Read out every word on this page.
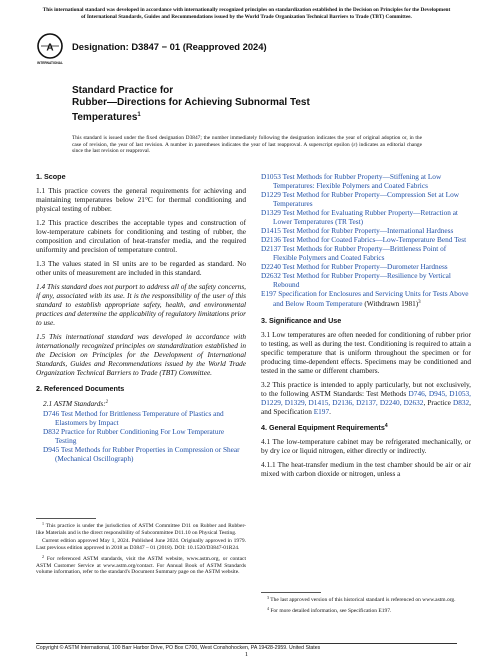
This international standard was developed in accordance with internationally recognized principles on standardization established in the Decision on Principles for the Development of International Standards, Guides and Recommendations issued by the World Trade Organization Technical Barriers to Trade (TBT) Committee.

A
INTERNATIONAL
Designation: D3847 − 01 (Reapproved 2024)
Standard Practice for
Rubber—Directions for Achieving Subnormal Test
Temperatures$^1$

This standard is issued under the fixed designation D3847; the number immediately following the designation indicates the year of original adoption or, in the case of revision, the year of last revision. A number in parentheses indicates the year of last reapproval. A superscript epsilon (ε) indicates an editorial change since the last revision or reapproval.

1. Scope

1.1 This practice covers the general requirements for achieving and maintaining temperatures below 21°C for thermal conditioning and physical testing of rubber.

1.2 This practice describes the acceptable types and construction of low-temperature cabinets for conditioning and testing of rubber, the composition and circulation of heat-transfer media, and the required uniformity and precision of temperature control.

1.3 The values stated in SI units are to be regarded as standard. No other units of measurement are included in this standard.

1.4 This standard does not purport to address all of the safety concerns, if any, associated with its use. It is the responsibility of the user of this standard to establish appropriate safety, health, and environmental practices and determine the applicability of regulatory limitations prior to use.

1.5 This international standard was developed in accordance with internationally recognized principles on standardization established in the Decision on Principles for the Development of International Standards, Guides and Recommendations issued by the World Trade Organization Technical Barriers to Trade (TBT) Committee.

2. Referenced Documents

2.1 ASTM Standards:$^2$

D746 Test Method for Brittleness Temperature of Plastics and Elastomers by Impact

D832 Practice for Rubber Conditioning For Low Temperature Testing

D945 Test Methods for Rubber Properties in Compression or Shear (Mechanical Oscillograph)

D1053 Test Methods for Rubber Property—Stiffening at Low Temperatures: Flexible Polymers and Coated Fabrics

D1229 Test Method for Rubber Property—Compression Set at Low Temperatures

D1329 Test Method for Evaluating Rubber Property—Retraction at Lower Temperatures (TR Test)

D1415 Test Method for Rubber Property—International Hardness

D2136 Test Method for Coated Fabrics—Low-Temperature Bend Test

D2137 Test Methods for Rubber Property—Brittleness Point of Flexible Polymers and Coated Fabrics

D2240 Test Method for Rubber Property—Durometer Hardness

D2632 Test Method for Rubber Property—Resilience by Vertical Rebound

E197 Specification for Enclosures and Servicing Units for Tests Above and Below Room Temperature (Withdrawn 1981)$^3$

3. Significance and Use

3.1 Low temperatures are often needed for conditioning of rubber prior to testing, as well as during the test. Conditioning is required to attain a specific temperature that is uniform throughout the specimen or for producing time-dependent effects. Specimens may be conditioned and tested in the same or different chambers.

3.2 This practice is intended to apply particularly, but not exclusively, to the following ASTM Standards: Test Methods D746, D945, D1053, D1229, D1329, D1415, D2136, D2137, D2240, D2632, Practice D832, and Specification E197.

4. General Equipment Requirements$^4$

4.1 The low-temperature cabinet may be refrigerated mechanically, or by dry ice or liquid nitrogen, either directly or indirectly.

4.1.1 The heat-transfer medium in the test chamber should be air or air mixed with carbon dioxide or nitrogen, unless a

$^1$ This practice is under the jurisdiction of ASTM Committee D11 on Rubber and Rubber-like Materials and is the direct responsibility of Subcommittee D11.10 on Physical Testing.

Current edition approved May 1, 2024. Published June 2024. Originally approved in 1979. Last previous edition approved in 2018 as D3847 – 01 (2018). DOI: 10.1520/D3847-01R24.

$^2$ For referenced ASTM standards, visit the ASTM website, www.astm.org, or contact ASTM Customer Service at www.astm.org/contact. For Annual Book of ASTM Standards volume information, refer to the standard's Document Summary page on the ASTM website.

$^3$ The last approved version of this historical standard is referenced on www.astm.org.

$^4$ For more detailed information, see Specification E197.

Copyright © ASTM International, 100 Barr Harbor Drive, PO Box C700, West Conshohocken, PA 19428-2959. United States
1
